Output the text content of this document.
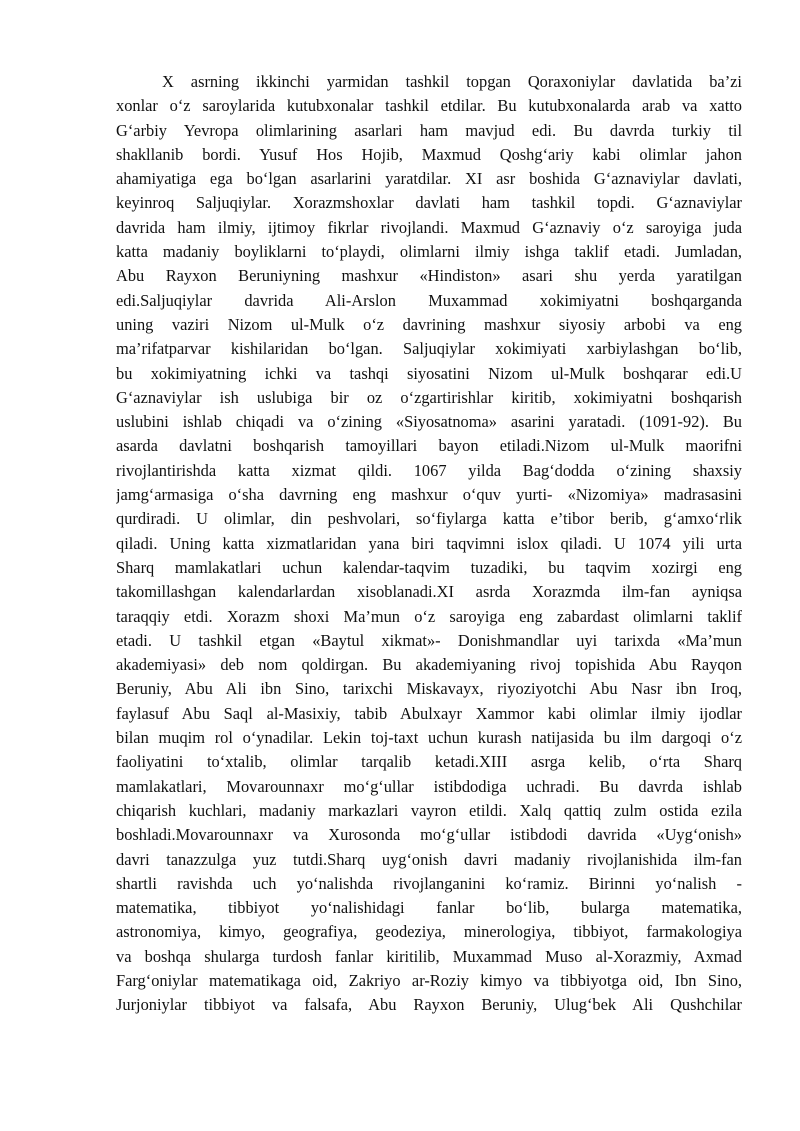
X asrning ikkinchi yarmidan tashkil topgan Qoraxoniylar davlatida ba’zi
xonlar o‘z saroylarida kutubxonalar tashkil etdilar. Bu kutubxonalarda arab va xatto
G‘arbiy Yevropa olimlarining asarlari ham mavjud edi. Bu davrda turkiy til
shakllanib bordi. Yusuf Hos Hojib, Maxmud Qoshg‘ariy kabi olimlar jahon
ahamiyatiga ega bo‘lgan asarlarini yaratdilar. XI asr boshida G‘aznaviylar davlati,
keyinroq Saljuqiylar. Xorazmshoxlar davlati ham tashkil topdi. G‘aznaviylar
davrida ham ilmiy, ijtimoy fikrlar rivojlandi. Maxmud G‘aznaviy o‘z saroyiga juda
katta madaniy boyliklarni to‘playdi, olimlarni ilmiy ishga taklif etadi. Jumladan,
Abu Rayxon Beruniyning mashxur «Hindiston» asari shu yerda yaratilgan
edi.Saljuqiylar davrida Ali-Arslon Muxammad xokimiyatni boshqarganda
uning vaziri Nizom ul-Mulk o‘z davrining mashxur siyosiy arbobi va eng
ma’rifatparvar kishilaridan bo‘lgan. Saljuqiylar xokimiyati xarbiylashgan bo‘lib,
bu xokimiyatning ichki va tashqi siyosatini Nizom ul-Mulk boshqarar edi.U
G‘aznaviylar ish uslubiga bir oz o‘zgartirishlar kiritib, xokimiyatni boshqarish
uslubini ishlab chiqadi va o‘zining «Siyosatnoma» asarini yaratadi. (1091-92). Bu
asarda davlatni boshqarish tamoyillari bayon etiladi.Nizom ul-Mulk maorifni
rivojlantirishda katta xizmat qildi. 1067 yilda Bag‘dodda o‘zining shaxsiy
jamg‘armasiga o‘sha davrning eng mashxur o‘quv yurti- «Nizomiya» madrasasini
qurdiradi. U olimlar, din peshvolari, so‘fiylarga katta e’tibor berib, g‘amxo‘rlik
qiladi. Uning katta xizmatlaridan yana biri taqvimni islox qiladi. U 1074 yili urta
Sharq mamlakatlari uchun kalendar-taqvim tuzadiki, bu taqvim xozirgi eng
takomillashgan kalendarlardan xisoblanadi.XI asrda Xorazmda ilm-fan ayniqsa
taraqqiy etdi. Xorazm shoxi Ma’mun o‘z saroyiga eng zabardast olimlarni taklif
etadi. U tashkil etgan «Baytul xikmat»- Donishmandlar uyi tarixda «Ma’mun
akademiyasi» deb nom qoldirgan. Bu akademiyaning rivoj topishida Abu Rayqon
Beruniy, Abu Ali ibn Sino, tarixchi Miskavayx, riyoziyotchi Abu Nasr ibn Iroq,
faylasuf Abu Saql al-Masixiy, tabib Abulxayr Xammor kabi olimlar ilmiy ijodlar
bilan muqim rol o‘ynadilar. Lekin toj-taxt uchun kurash natijasida bu ilm dargoqi o‘z
faoliyatini to‘xtalib, olimlar tarqalib ketadi.XIII asrga kelib, o‘rta Sharq
mamlakatlari, Movarounnaxr mo‘g‘ullar istibdodiga uchradi. Bu davrda ishlab
chiqarish kuchlari, madaniy markazlari vayron etildi. Xalq qattiq zulm ostida ezila
boshladi.Movarounnaxr va Xurosonda mo‘g‘ullar istibdodi davrida «Uyg‘onish»
davri tanazzulga yuz tutdi.Sharq uyg‘onish davri madaniy rivojlanishida ilm-fan
shartli ravishda uch yo‘nalishda rivojlanganini ko‘ramiz. Birinni yo‘nalish -
matematika, tibbiyot yo‘nalishidagi fanlar bo‘lib, bularga matematika,
astronomiya, kimyo, geografiya, geodeziya, minerologiya, tibbiyot, farmakologiya
va boshqa shularga turdosh fanlar kiritilib, Muxammad Muso al-Xorazmiy, Axmad
Farg‘oniylar matematikaga oid, Zakriyo ar-Roziy kimyo va tibbiyotga oid, Ibn Sino,
Jurjoniylar tibbiyot va falsafa, Abu Rayxon Beruniy, Ulug‘bek Ali Qushchilar
